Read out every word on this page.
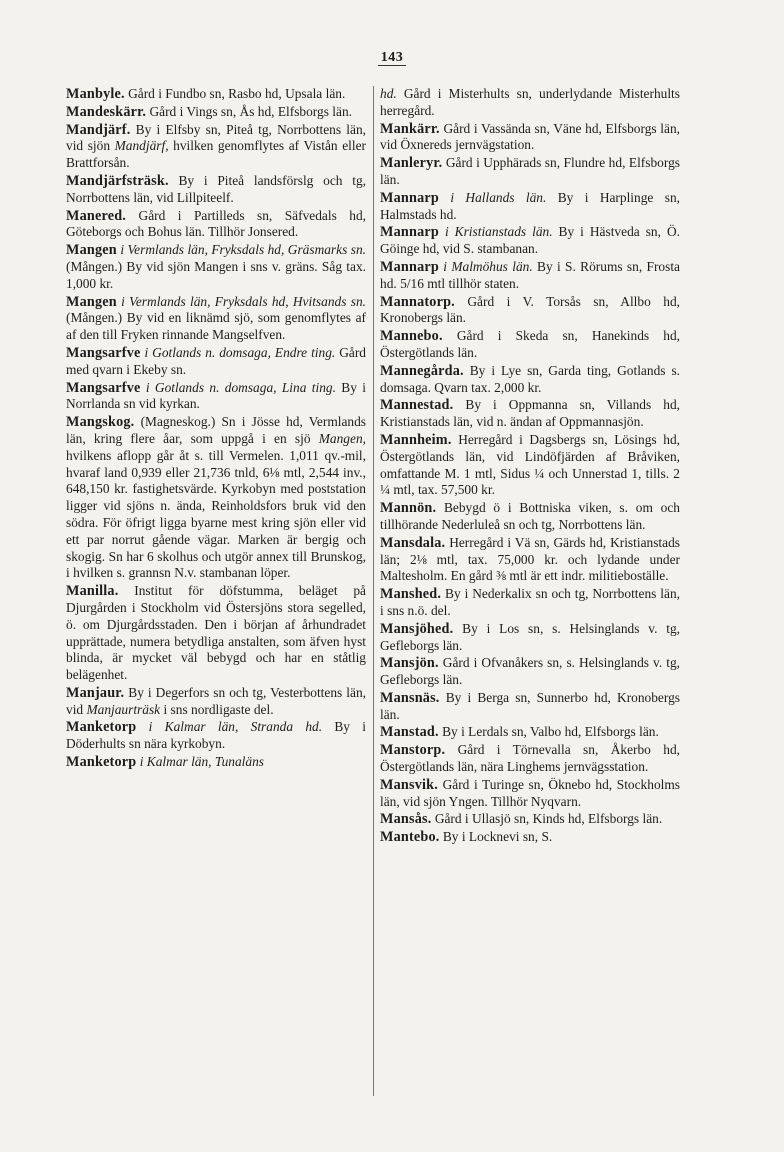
143

Manbyle. Gård i Fundbo sn, Rasbo hd, Upsala län.

Mandeskärr. Gård i Vings sn, Ås hd, Elfsborgs län.

Mandjärf. By i Elfsby sn, Piteå tg, Norrbottens län, vid sjön Mandjärf, hvilken genomflytes af Vistån eller Brattforsån.

Mandjärfsträsk. By i Piteå landsförslg och tg, Norrbottens län, vid Lillpiteelf.

Manered. Gård i Partilleds sn, Säfvedals hd, Göteborgs och Bohus län. Tillhör Jonsered.

Mangen i Vermlands län, Fryksdals hd, Gräsmarks sn. (Mången.) By vid sjön Mangen i sns v. gräns. Såg tax. 1,000 kr.

Mangen i Vermlands län, Fryksdals hd, Hvitsands sn. (Mången.) By vid en liknämd sjö, som genomflytes af af den till Fryken rinnande Mangselfven.

Mangsarfve i Gotlands n. domsaga, Endre ting. Gård med qvarn i Ekeby sn.

Mangsarfve i Gotlands n. domsaga, Lina ting. By i Norrlanda sn vid kyrkan.

Mangskog. (Magneskog.) Sn i Jösse hd, Vermlands län, kring flere åar, som uppgå i en sjö Mangen, hvilkens aflopp går åt s. till Vermelen. 1,011 qv.-mil, hvaraf land 0,939 eller 21,736 tnld, 6⅛ mtl, 2,544 inv., 648,150 kr. fastighetsvärde. Kyrkobyn med poststation ligger vid sjöns n. ända, Reinholdsfors bruk vid den södra. För öfrigt ligga byarne mest kring sjön eller vid ett par norrut gående vägar. Marken är bergig och skogig. Sn har 6 skolhus och utgör annex till Brunskog, i hvilken s. grannsn N.v. stambanan löper.

Manilla. Institut för döfstumma, beläget på Djurgården i Stockholm vid Östersjöns stora segelled, ö. om Djurgårdsstaden. Den i början af århundradet upprättade, numera betydliga anstalten, som äfven hyst blinda, är mycket väl bebygd och har en ståtlig belägenhet.

Manjaur. By i Degerfors sn och tg, Vesterbottens län, vid Manjaurträsk i sns nordligaste del.

Manketorp i Kalmar län, Stranda hd. By i Döderhults sn nära kyrkobyn.

Manketorp i Kalmar län, Tunaläns

hd. Gård i Misterhults sn, underlydande Misterhults herregård.

Mankärr. Gård i Vassända sn, Väne hd, Elfsborgs län, vid Öxnereds jernvägstation.

Manleryr. Gård i Upphärads sn, Flundre hd, Elfsborgs län.

Mannarp i Hallands län. By i Harplinge sn, Halmstads hd.

Mannarp i Kristianstads län. By i Hästveda sn, Ö. Göinge hd, vid S. stambanan.

Mannarp i Malmöhus län. By i S. Rörums sn, Frosta hd. 5/16 mtl tillhör staten.

Mannatorp. Gård i V. Torsås sn, Allbo hd, Kronobergs län.

Mannebo. Gård i Skeda sn, Hanekinds hd, Östergötlands län.

Mannegårda. By i Lye sn, Garda ting, Gotlands s. domsaga. Qvarn tax. 2,000 kr.

Mannestad. By i Oppmanna sn, Villands hd, Kristianstads län, vid n. ändan af Oppmannasjön.

Mannheim. Herregård i Dagsbergs sn, Lösings hd, Östergötlands län, vid Lindöfjärden af Bråviken, omfattande M. 1 mtl, Sidus ¼ och Unnerstad 1, tills. 2 ¼ mtl, tax. 57,500 kr.

Mannön. Bebygd ö i Bottniska viken, s. om och tillhörande Nederluleå sn och tg, Norrbottens län.

Mansdala. Herregård i Vä sn, Gärds hd, Kristianstads län; 2⅛ mtl, tax. 75,000 kr. och lydande under Maltesholm. En gård ⅜ mtl är ett indr. militieboställe.

Manshed. By i Nederkalix sn och tg, Norrbottens län, i sns n.ö. del.

Mansjöhed. By i Los sn, s. Helsinglands v. tg, Gefleborgs län.

Mansjön. Gård i Ofvanåkers sn, s. Helsinglands v. tg, Gefleborgs län.

Mansnäs. By i Berga sn, Sunnerbo hd, Kronobergs län.

Manstad. By i Lerdals sn, Valbo hd, Elfsborgs län.

Manstorp. Gård i Törnevalla sn, Åkerbo hd, Östergötlands län, nära Linghems jernvägsstation.

Mansvik. Gård i Turinge sn, Öknebo hd, Stockholms län, vid sjön Yngen. Tillhör Nyqvarn.

Mansås. Gård i Ullasjö sn, Kinds hd, Elfsborgs län.

Mantebo. By i Locknevi sn, S.
